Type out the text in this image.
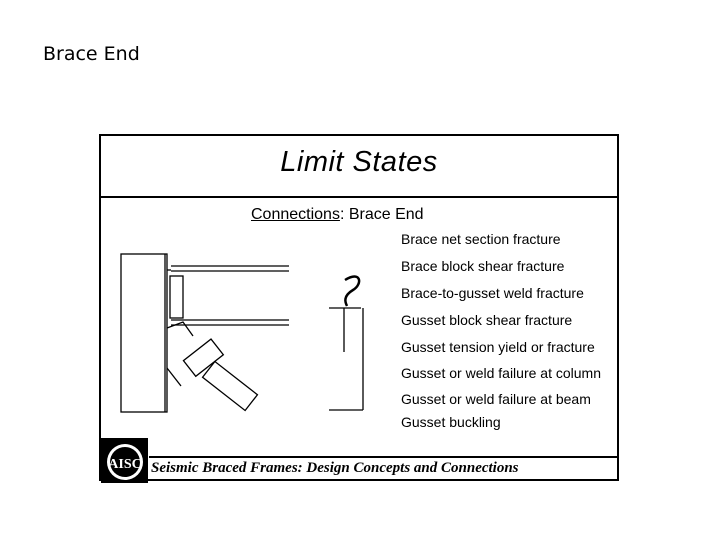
Brace End
Limit States
Connections: Brace End
Brace net section fracture
Brace block shear fracture
Brace-to-gusset weld fracture
Gusset block shear fracture
Gusset tension yield or fracture
Gusset or weld failure at column
Gusset or weld failure at beam
Gusset buckling
AISC Seismic Braced Frames: Design Concepts and Connections
